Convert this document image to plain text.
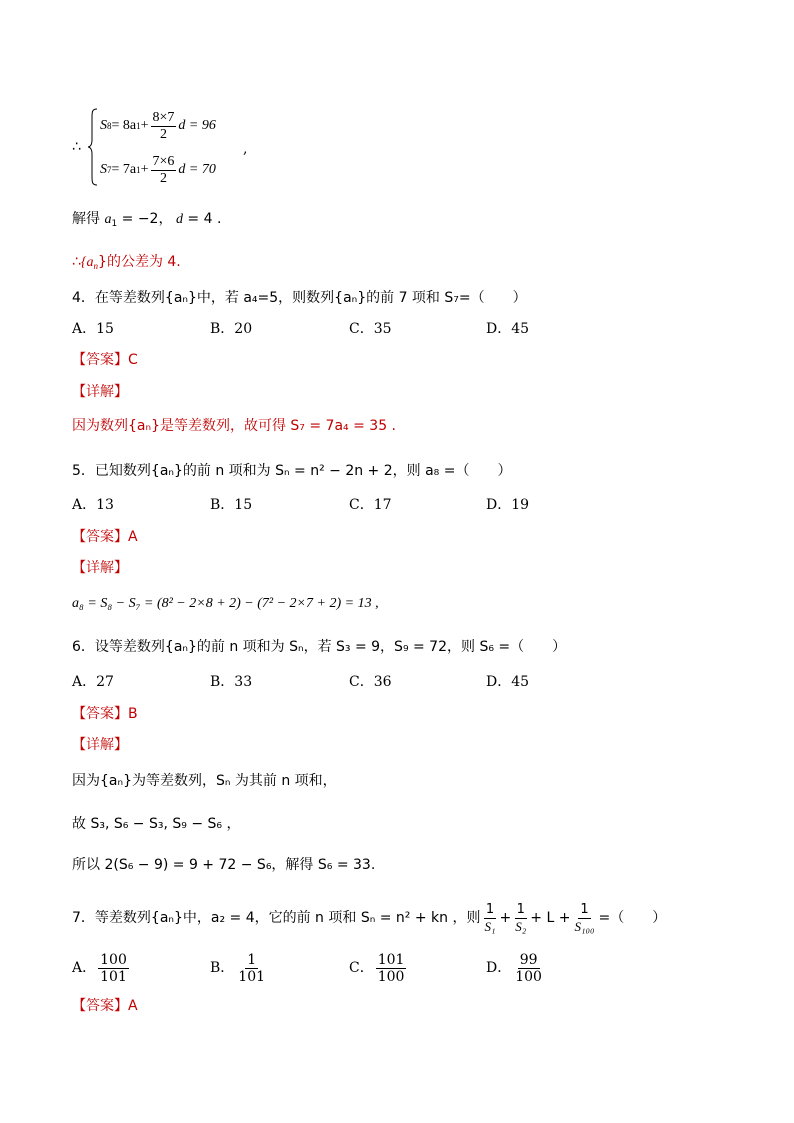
∴
S 8 = 8a $1 + \frac{8\times 7}{2}$ d = 96
S 7 = 7a $1 + \frac{7\times 6}{2}$ d = 70
,
解得 $a_1 = -2$， d = 4 .
$\therefore\{a_n\}$的公差为 4.
4．在等差数列{aₙ}中，若 a₄=5，则数列{aₙ}的前 7 项和 S₇=（　　）
A．15	B．20	C．35	D．45
【答案】C
【详解】
因为数列{aₙ}是等差数列，故可得 S₇ = 7a₄ = 35 .
5．已知数列{aₙ}的前 n 项和为 Sₙ = n² − 2n + 2，则 a₈ =（　　）
A．13	B．15	C．17	D．19
【答案】A
【详解】
a₈ = S₈ − S₇ = (8² − 2×8 + 2) − (7² − 2×7 + 2) = 13 ,
6．设等差数列{aₙ}的前 n 项和为 Sₙ，若 S₃ = 9，S₉ = 72，则 S₆ =（　　）
A．27	B．33	C．36	D．45
【答案】B
【详解】
因为{aₙ}为等差数列，Sₙ 为其前 n 项和，
故 S₃, S₆ − S₃, S₉ − S₆ ，
所以 2(S₆ − 9) = 9 + 72 − S₆，解得 S₆ = 33.
7．等差数列{aₙ}中，a₂ = 4，它的前 n 项和 Sₙ = n² + kn ，则 $\frac{1}{\text{S₁}} + \frac{1}{\text{S₂}} + L + \frac{1}{\text{S₁₀₀}}$ =（　　）
A． $\frac{100}{101}$	B． $\frac{1}{101}$	C． $\frac{101}{100}$	D． $\frac{99}{100}$
【答案】A
